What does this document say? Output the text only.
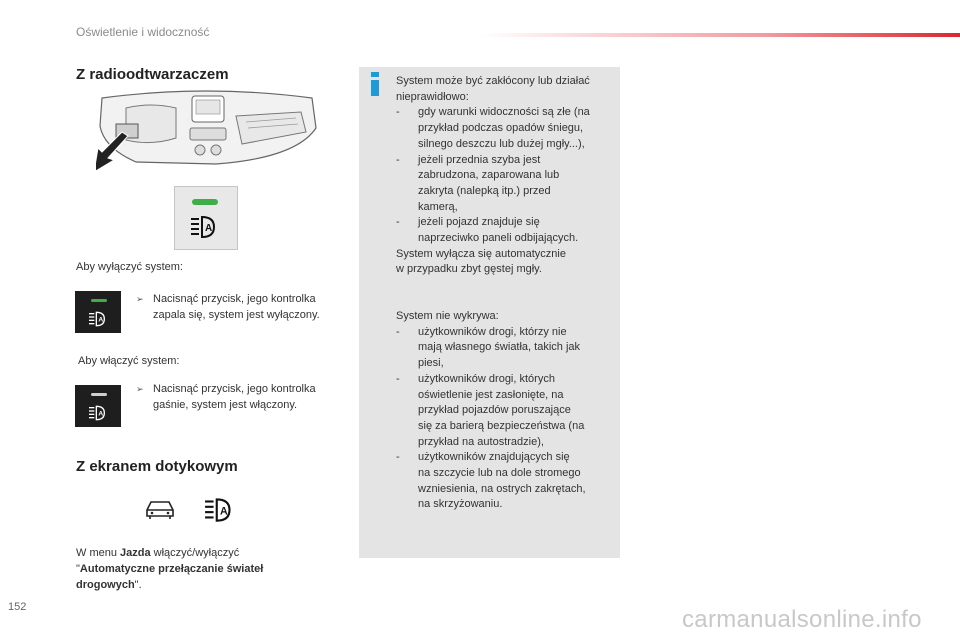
Oświetlenie i widoczność
Z radioodtwarzaczem
A
Aby wyłączyć system:
A
➢ Nacisnąć przycisk, jego kontrolka zapala się, system jest wyłączony.
Aby włączyć system:
A
➢ Nacisnąć przycisk, jego kontrolka gaśnie, system jest włączony.
Z ekranem dotykowym
A
W menu Jazda włączyć/wyłączyć
"Automatyczne przełączanie świateł
drogowych".
System może być zakłócony lub działać
nieprawidłowo:
-	gdy warunki widoczności są złe (na
przykład podczas opadów śniegu,
silnego deszczu lub dużej mgły...),
-	jeżeli przednia szyba jest
zabrudzona, zaparowana lub
zakryta (nalepką itp.) przed
kamerą,
-	jeżeli pojazd znajduje się
naprzeciwko paneli odbijających.
System wyłącza się automatycznie
w przypadku zbyt gęstej mgły.
System nie wykrywa:
-	użytkowników drogi, którzy nie
mają własnego światła, takich jak
piesi,
-	użytkowników drogi, których
oświetlenie jest zasłonięte, na
przykład pojazdów poruszające
się za barierą bezpieczeństwa (na
przykład na autostradzie),
-	użytkowników znajdujących się
na szczycie lub na dole stromego
wzniesienia, na ostrych zakrętach,
na skrzyżowaniu.
152	carmanualsonline.info
